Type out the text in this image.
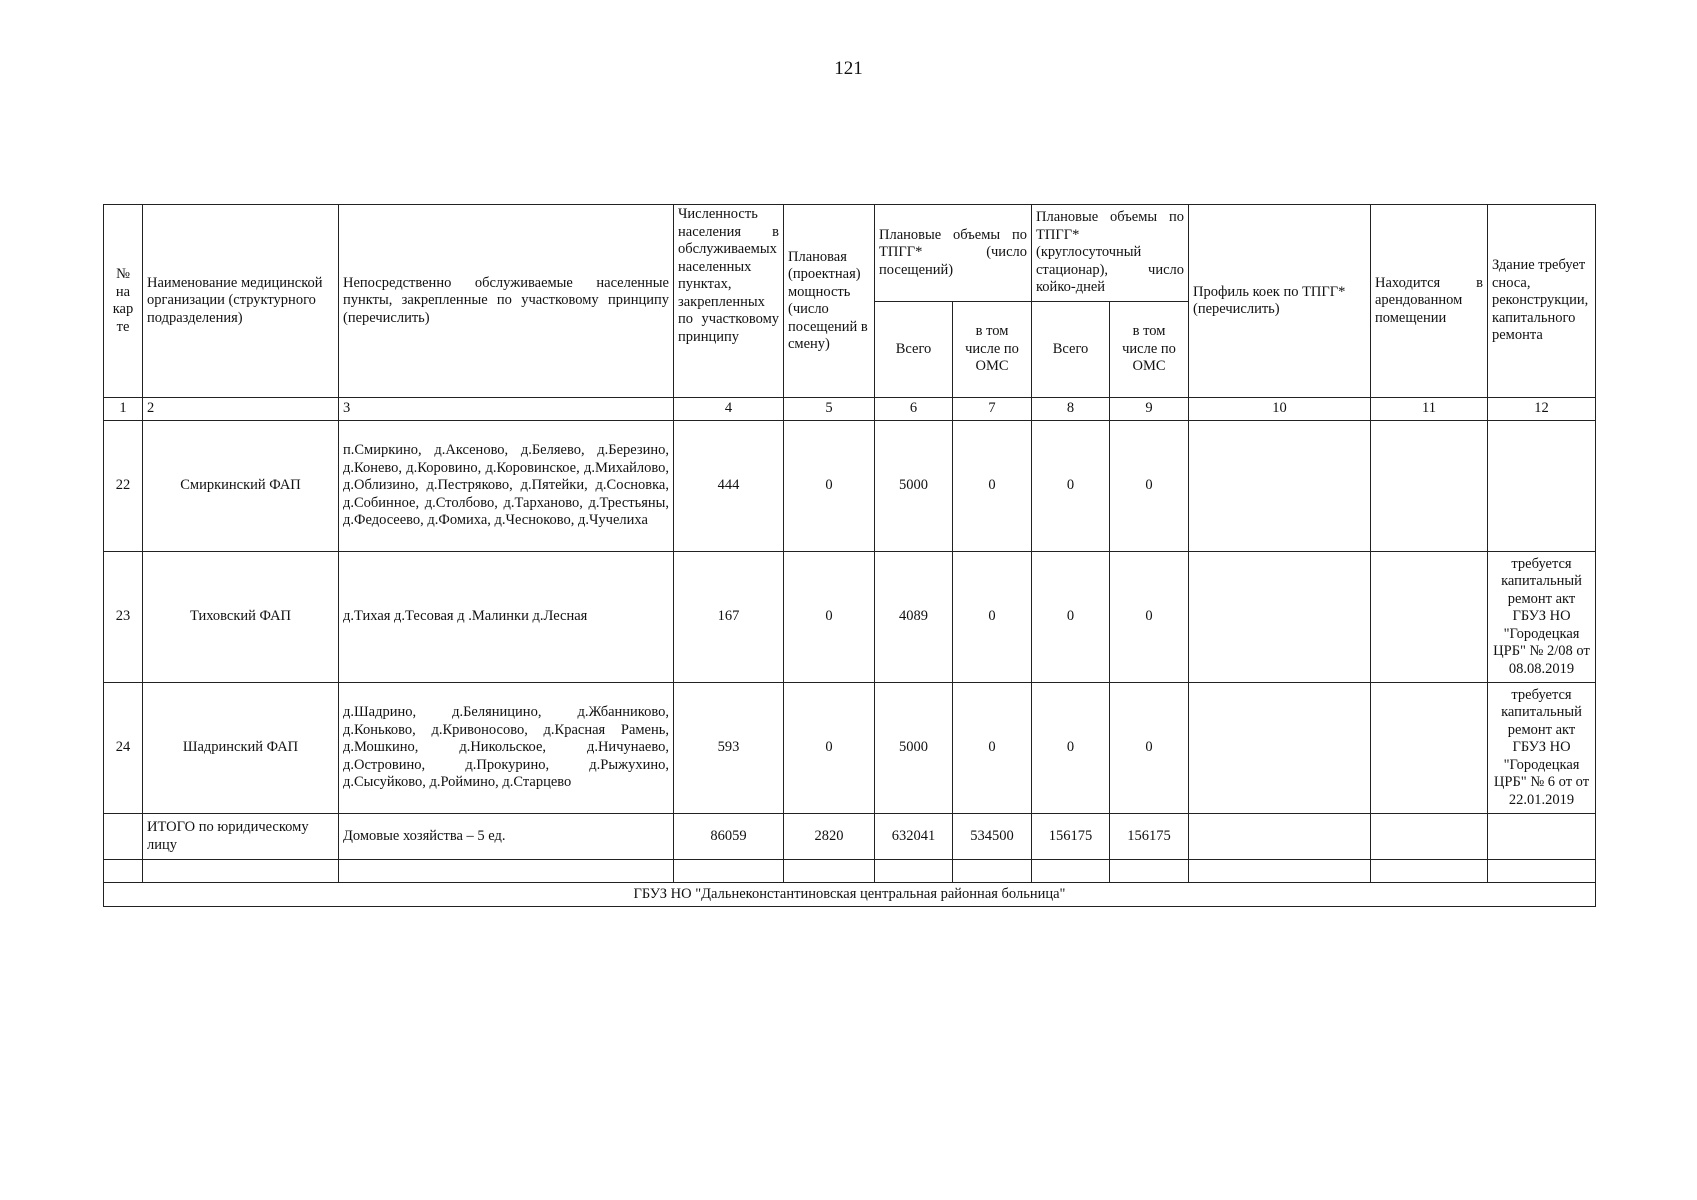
121
№ на кар те	Наименование медицинской организации (структурного подразделения)	Непосредственно обслуживаемые населенные пункты, закрепленные по участковому принципу (перечислить)	Численность населения в обслуживаемых населенных пунктах, закрепленных по участковому принципу	Плановая (проектная) мощность (число посещений в смену)	Плановые объемы по ТПГГ* (число посещений)		Плановые объемы по ТПГГ* (круглосуточный стационар), число койко-дней		Профиль коек по ТПГГ* (перечислить)	Находится в арендованном помещении	Здание требует сноса, реконструкции, капитального ремонта
					Всего	в том числе по ОМС	Всего	в том числе по ОМС			
1	2	3	4	5	6	7	8	9	10	11	12
22	Смиркинский ФАП	п.Смиркино, д.Аксеново, д.Беляево, д.Березино, д.Конево, д.Коровино, д.Коровинское, д.Михайлово, д.Облизино, д.Пестряково, д.Пятейки, д.Сосновка, д.Собинное, д.Столбово, д.Тарханово, д.Трестьяны, д.Федосеево, д.Фомиха, д.Чесноково, д.Чучелиха	444	0	5000	0	0	0			
23	Тиховский ФАП	д.Тихая д.Тесовая д .Малинки д.Лесная	167	0	4089	0	0	0			требуется капитальный ремонт акт ГБУЗ НО "Городецкая ЦРБ" № 2/08 от 08.08.2019
24	Шадринский ФАП	д.Шадрино, д.Беляницино, д.Жбанниково, д.Коньково, д.Кривоносово, д.Красная Рамень, д.Мошкино, д.Никольское, д.Ничунаево, д.Островино, д.Прокурино, д.Рыжухино, д.Сысуйково, д.Роймино, д.Старцево	593	0	5000	0	0	0			требуется капитальный ремонт акт ГБУЗ НО "Городецкая ЦРБ" № 6 от от 22.01.2019
	ИТОГО по юридическому лицу	Домовые хозяйства – 5 ед.	86059	2820	632041	534500	156175	156175			

ГБУЗ НО "Дальнеконстантиновская центральная районная больница"											
